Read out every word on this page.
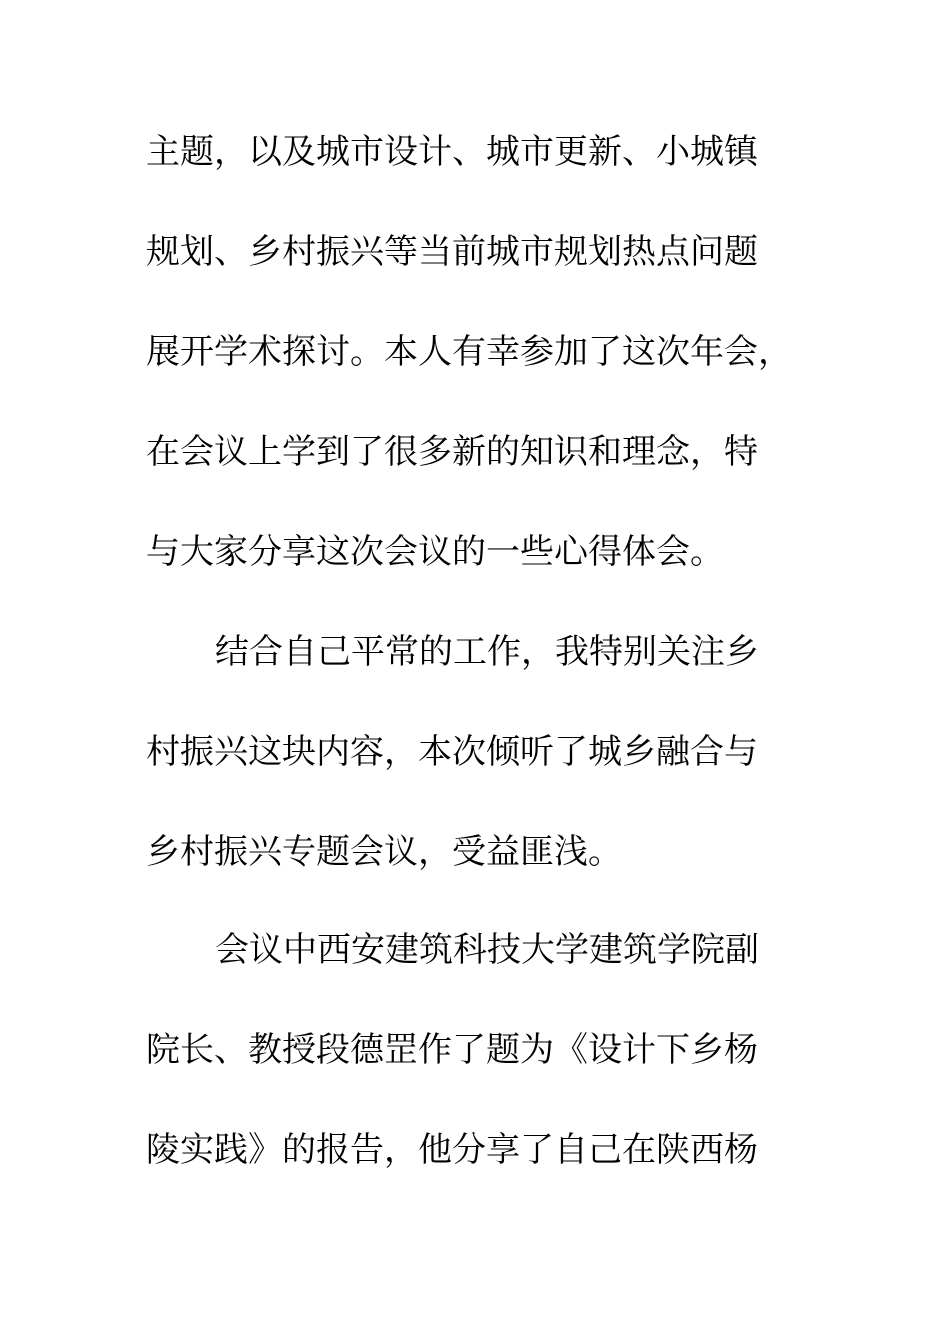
主题，以及城市设计、城市更新、小城镇
规划、乡村振兴等当前城市规划热点问题
展开学术探讨。本人有幸参加了这次年会，
在会议上学到了很多新的知识和理念，特
与大家分享这次会议的一些心得体会。
结合自己平常的工作，我特别关注乡
村振兴这块内容，本次倾听了城乡融合与
乡村振兴专题会议，受益匪浅。
会议中西安建筑科技大学建筑学院副
院长、教授段德罡作了题为《设计下乡杨
陵实践》的报告，他分享了自己在陕西杨
